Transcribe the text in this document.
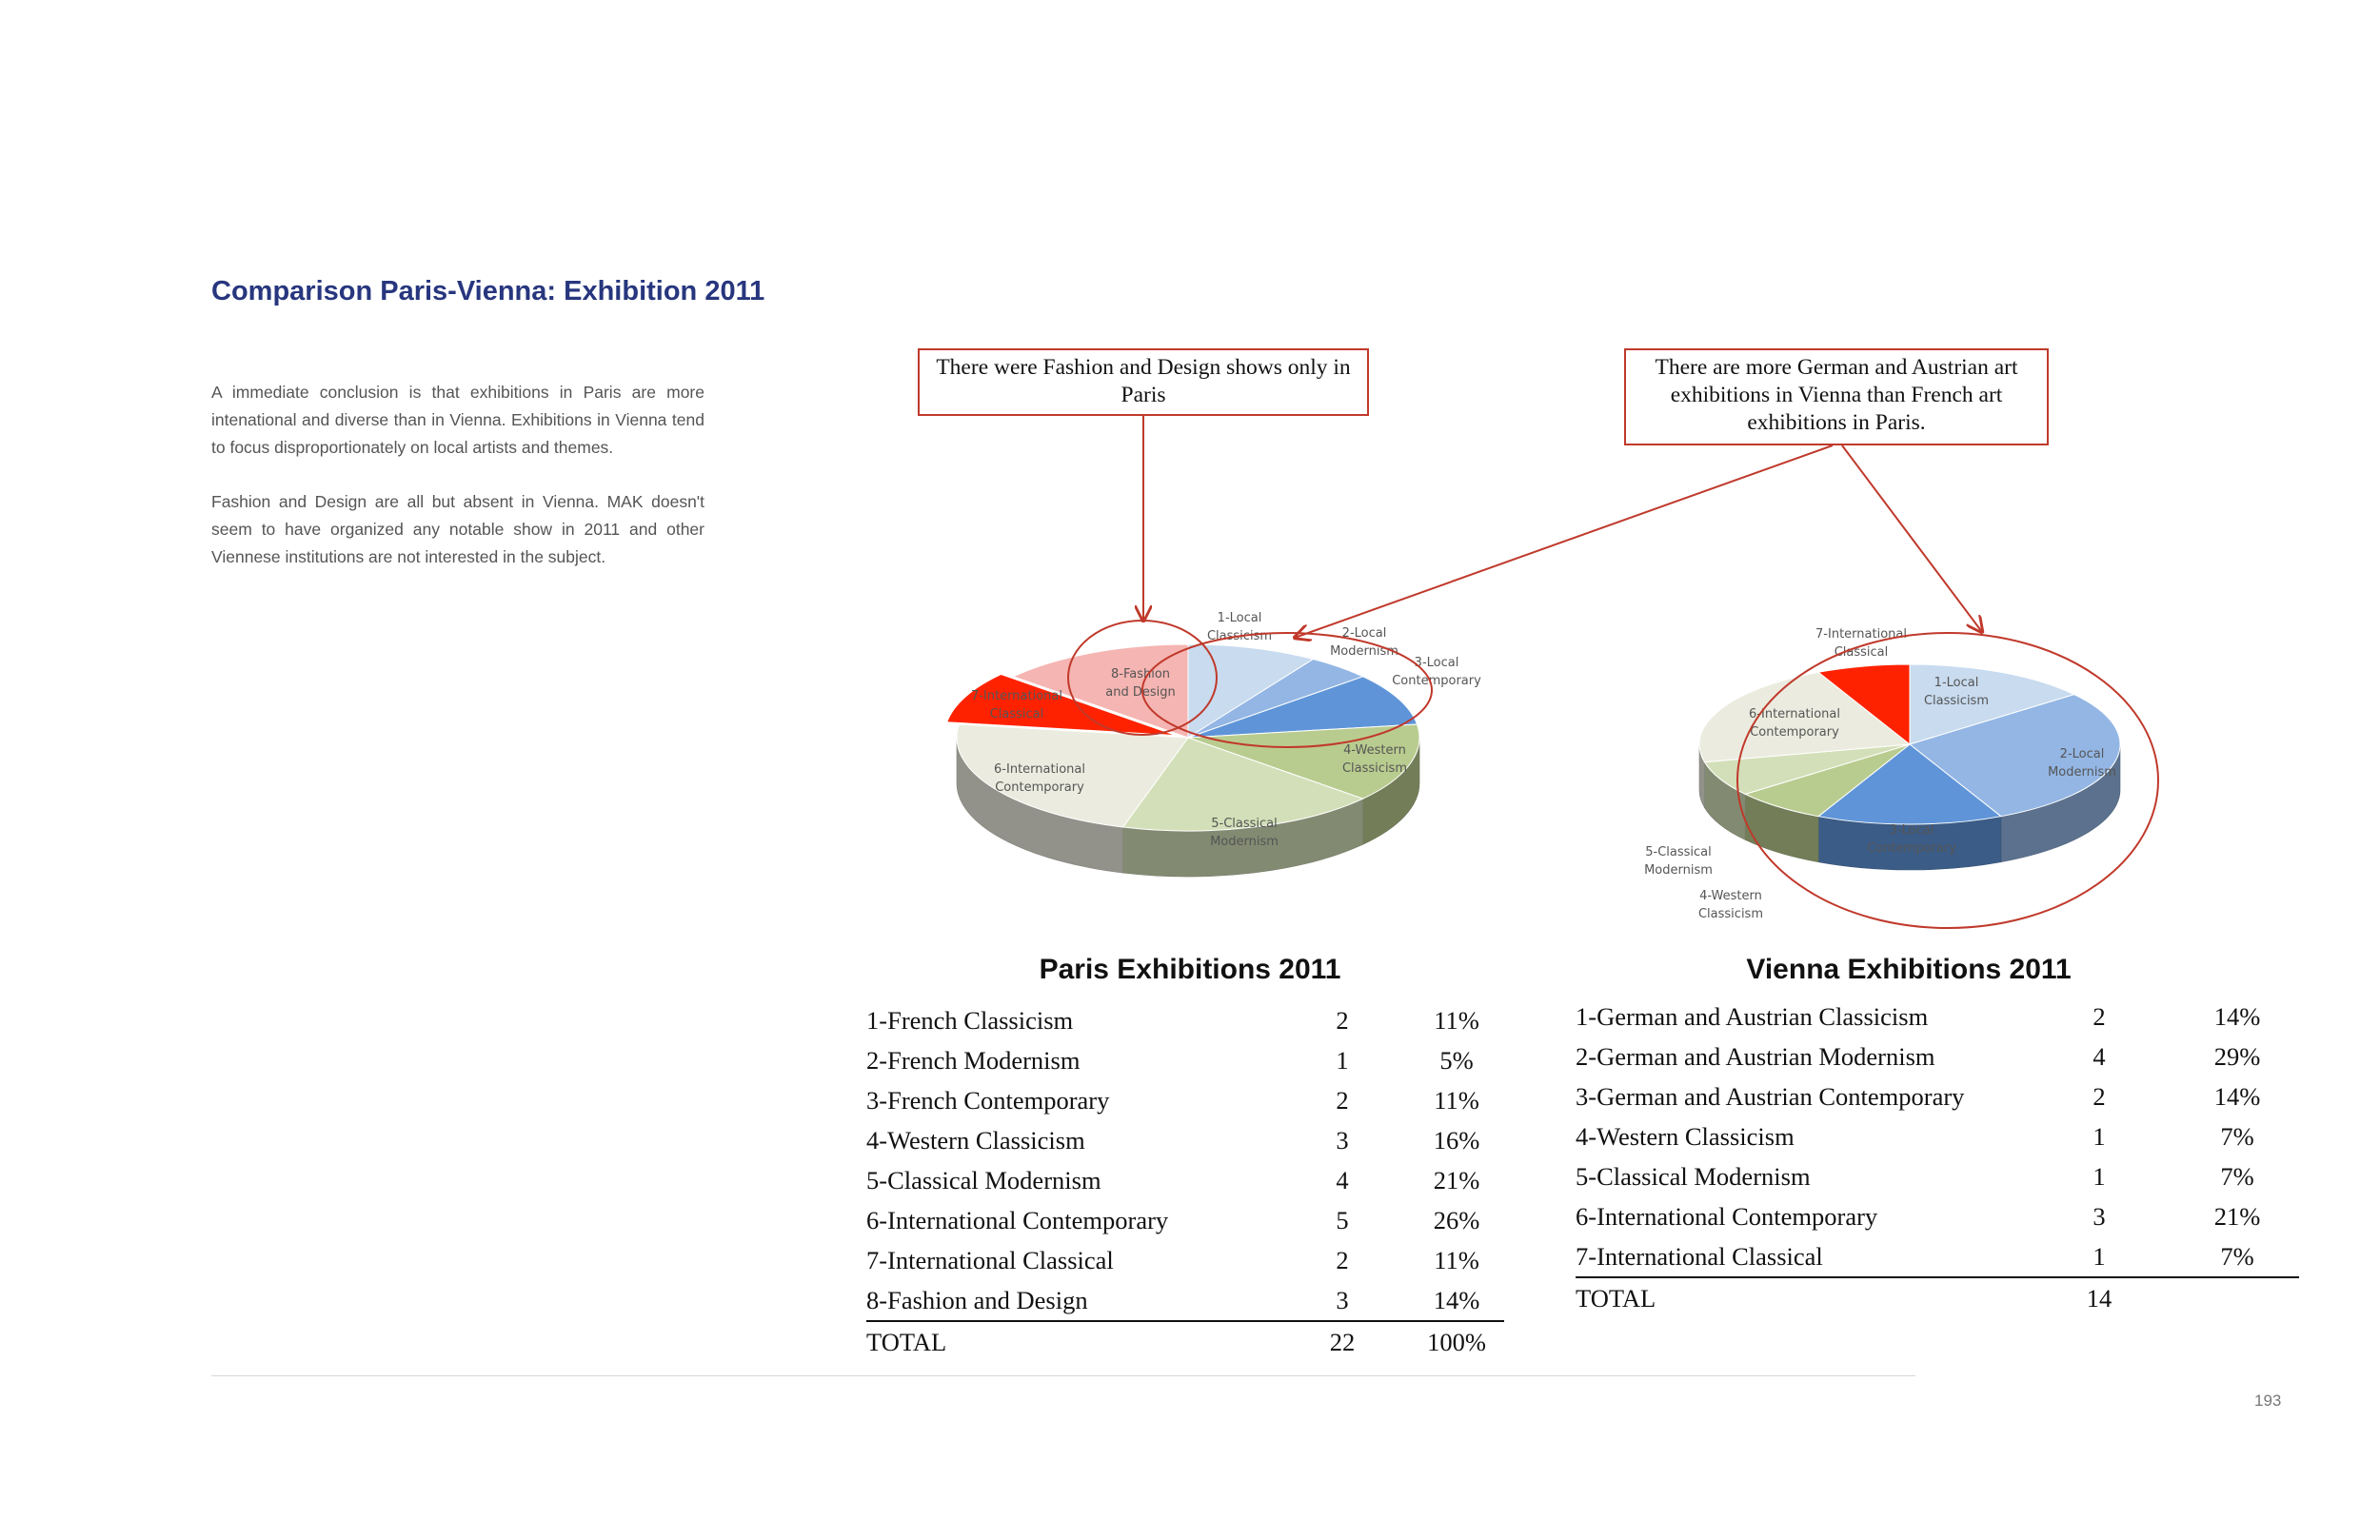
Comparison Paris-Vienna: Exhibition 2011

A immediate conclusion is that exhibitions in Paris are more intenational and diverse than in Vienna. Exhibitions in Vienna tend to focus disproportionately on local artists and themes.

Fashion and Design are all but absent in Vienna. MAK doesn't seem to have organized any notable show in 2011 and other Viennese institutions are not interested in the subject.

There were Fashion and Design shows only in Paris
There are more German and Austrian art exhibitions in Vienna than French art exhibitions in Paris.
1-Local Classicism	2-Local Modernism
3-Local Contemporary
4-Western Classicism
5-Classical Modernism
6-International Contemporary
7-International Classical
8-Fashion and Design
1-Local Classicism
2-Local Modernism
3-Local Contemporary
4-Western Classicism
5-Classical Modernism
6-International Contemporary
7-International Classical
Paris Exhibitions 2011
1-French Classicism	2	11%
2-French Modernism	1	5%
3-French Contemporary	2	11%
4-Western Classicism	3	16%
5-Classical Modernism	4	21%
6-International Contemporary	5	26%
7-International Classical	2	11%
8-Fashion and Design	3	14%
TOTAL	22	100%
Vienna Exhibitions 2011
1-German and Austrian Classicism	2	14%
2-German and Austrian Modernism	4	29%
3-German and Austrian Contemporary	2	14%
4-Western Classicism	1	7%
5-Classical Modernism	1	7%
6-International Contemporary	3	21%
7-International Classical	1	7%
TOTAL	14	
193
